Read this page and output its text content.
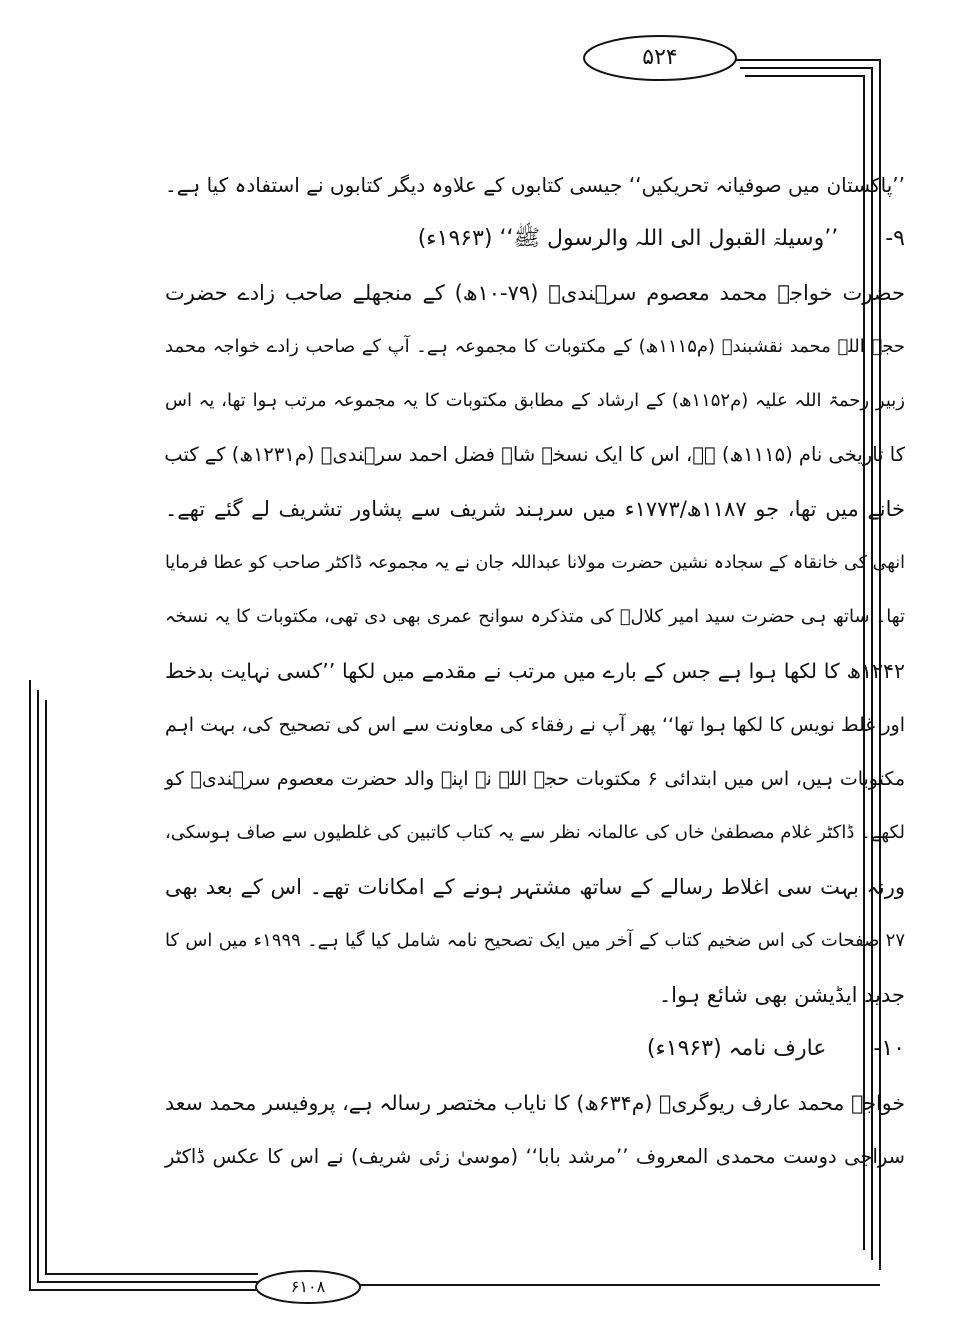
۵۲۴
۶۱۰۸
’’پاکستان میں صوفیانہ تحریکیں‘‘ جیسی کتابوں کے علاوہ دیگر کتابوں نے استفادہ کیا ہے۔
۹- ’’وسیلۃ القبول الی اللہ والرسول ﷺ‘‘ (۱۹۶۳ء)
حضرت خواجہ محمد معصوم سرہندیؒ (۷۹-۱۰ھ) کے منجھلے صاحب زادے حضرت
حجۃ اللہ محمد نقشبندؒ (م۱۱۱۵ھ) کے مکتوبات کا مجموعہ ہے۔ آپ کے صاحب زادے خواجہ محمد
زبیر رحمۃ اللہ علیہ (م۱۱۵۲ھ) کے ارشاد کے مطابق مکتوبات کا یہ مجموعہ مرتب ہوا تھا، یہ اس
کا تاریخی نام (۱۱۱۵ھ) ہے، اس کا ایک نسخہ شاہ فضل احمد سرہندیؒ (م۱۲۳۱ھ) کے کتب
خانے میں تھا، جو ۱۱۸۷ھ/۱۷۷۳ء میں سرہند شریف سے پشاور تشریف لے گئے تھے۔
انھی کی خانقاہ کے سجادہ نشین حضرت مولانا عبداللہ جان نے یہ مجموعہ ڈاکٹر صاحب کو عطا فرمایا
تھا۔ ساتھ ہی حضرت سید امیر کلالؒ کی متذکرہ سوانح عمری بھی دی تھی، مکتوبات کا یہ نسخہ
۱۲۴۲ھ کا لکھا ہوا ہے جس کے بارے میں مرتب نے مقدمے میں لکھا ’’کسی نہایت بدخط
اور غلط نویس کا لکھا ہوا تھا‘‘ پھر آپ نے رفقاء کی معاونت سے اس کی تصحیح کی، بہت اہم
مکتوبات ہیں، اس میں ابتدائی ۶ مکتوبات حجۃ اللہ نے اپنے والد حضرت معصوم سرہندیؒ کو
لکھے۔ ڈاکٹر غلام مصطفیٰ خاں کی عالمانہ نظر سے یہ کتاب کاتبین کی غلطیوں سے صاف ہوسکی،
ورنہ بہت سی اغلاط رسالے کے ساتھ مشتہر ہونے کے امکانات تھے۔ اس کے بعد بھی
۲۷ صفحات کی اس ضخیم کتاب کے آخر میں ایک تصحیح نامہ شامل کیا گیا ہے۔ ۱۹۹۹ء میں اس کا
جدید ایڈیشن بھی شائع ہوا۔
۱۰- عارف نامہ (۱۹۶۳ء)
خواجہ محمد عارف ریوگریؒ (م۶۳۴ھ) کا نایاب مختصر رسالہ ہے، پروفیسر محمد سعد
سراجی دوست محمدی المعروف ’’مرشد بابا‘‘ (موسیٰ زئی شریف) نے اس کا عکس ڈاکٹر
